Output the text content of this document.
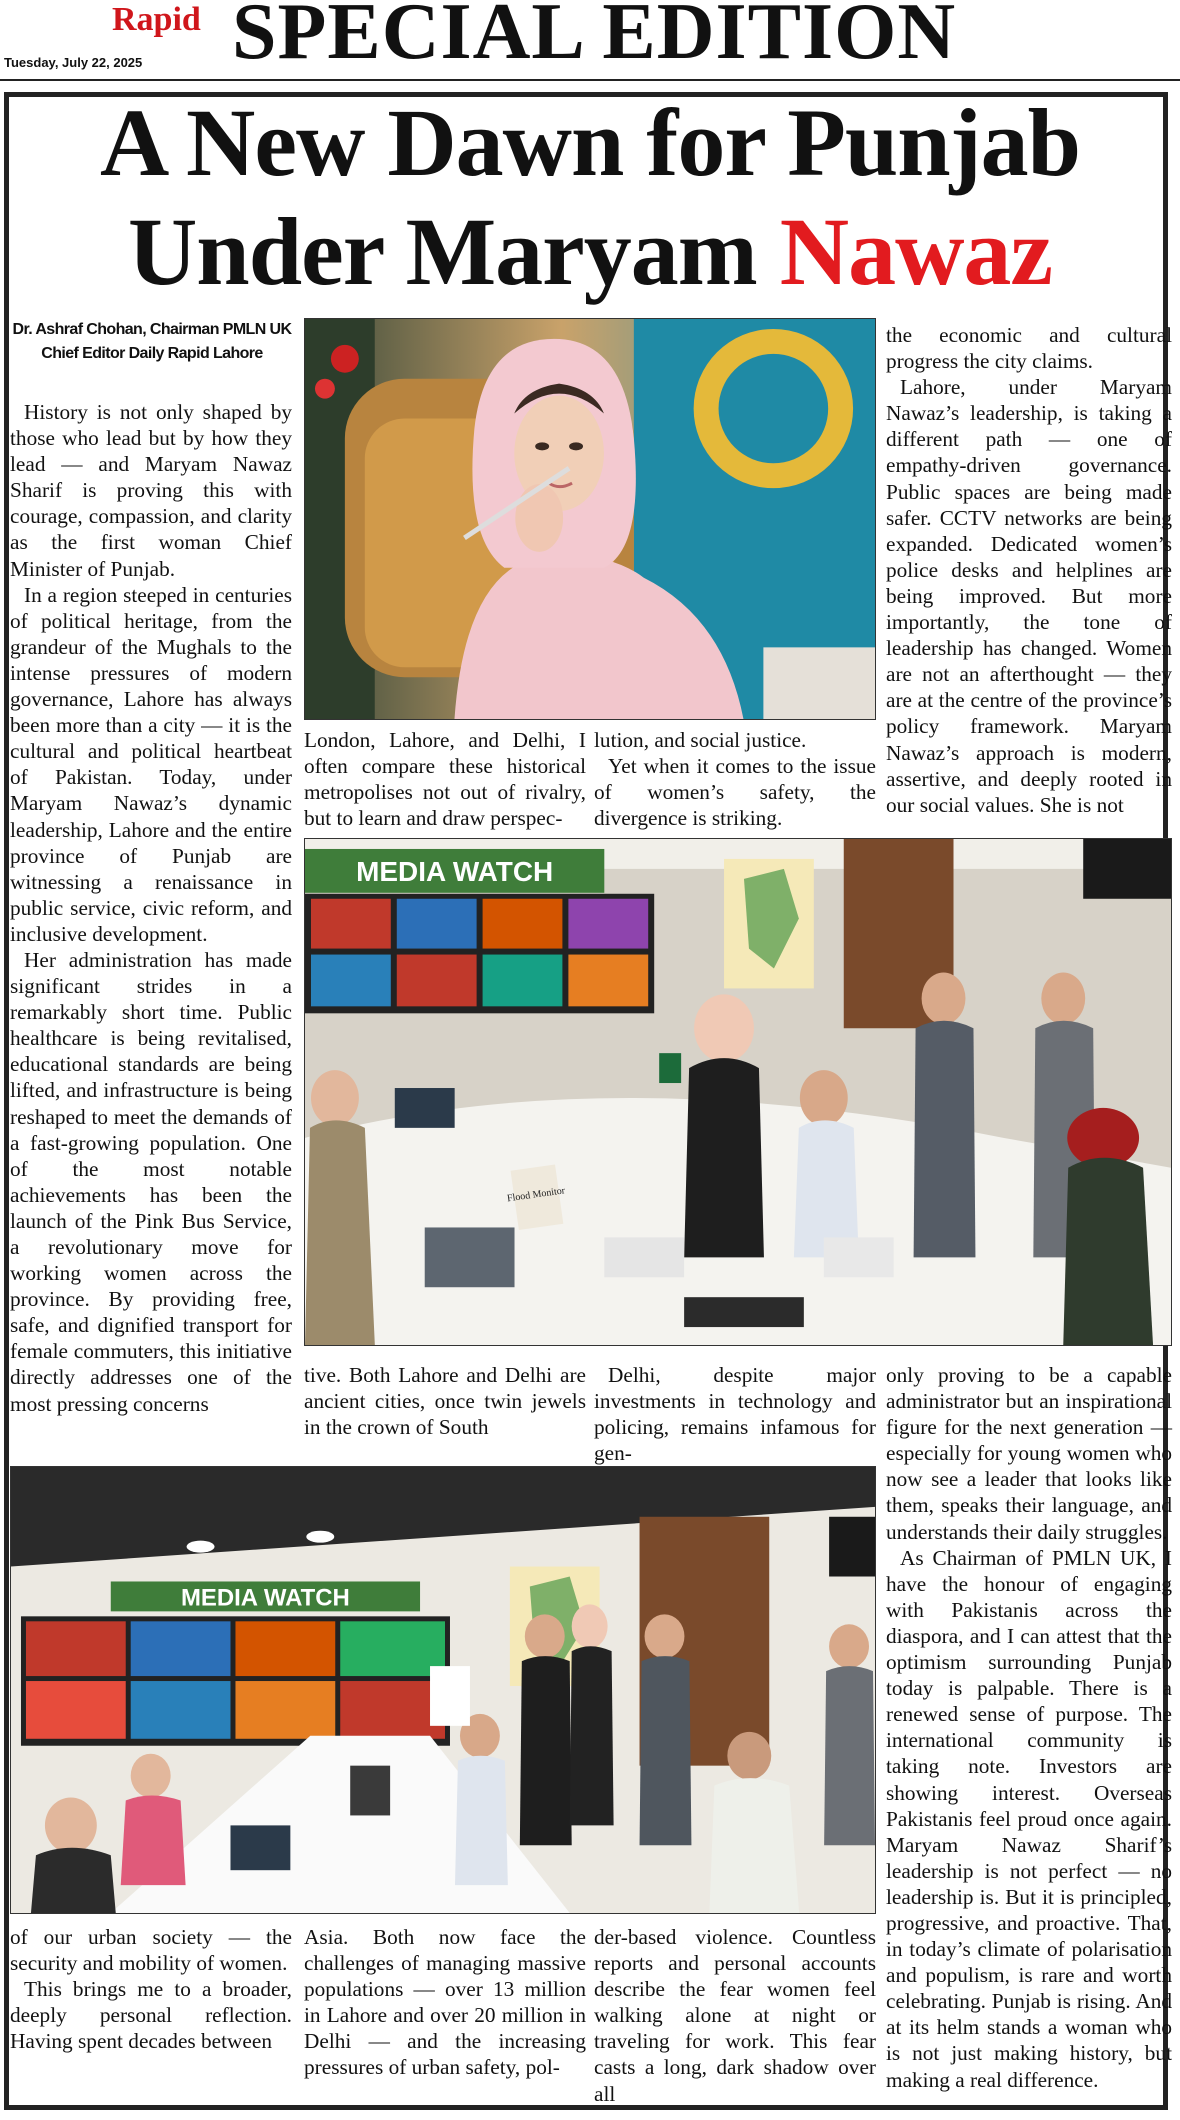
Rapid SPECIAL EDITION
Tuesday, July 22, 2025
A New Dawn for Punjab
Under Maryam Nawaz
Dr. Ashraf Chohan, Chairman PMLN UK
Chief Editor Daily Rapid Lahore

History is not only shaped by those who lead but by how they lead — and Maryam Nawaz Sharif is proving this with courage, compassion, and clarity as the first woman Chief Minister of Punjab.

In a region steeped in centuries of political heritage, from the grandeur of the Mughals to the intense pressures of modern governance, Lahore has always been more than a city — it is the cultural and political heartbeat of Pakistan. Today, under Maryam Nawaz’s dynamic leadership, Lahore and the entire province of Punjab are witnessing a renaissance in public service, civic reform, and inclusive development.

Her administration has made significant strides in a remarkably short time. Public healthcare is being revitalised, educational standards are being lifted, and infrastructure is being reshaped to meet the demands of a fast-growing population. One of the most notable achievements has been the launch of the Pink Bus Service, a revolutionary move for working women across the province. By providing free, safe, and dignified transport for female commuters, this initiative directly addresses one of the most pressing concerns

London, Lahore, and Delhi, I often compare these historical metropolises not out of rivalry, but to learn and draw perspec-

lution, and social justice.

Yet when it comes to the issue of women’s safety, the divergence is striking.

the economic and cultural progress the city claims.

Lahore, under Maryam Nawaz’s leadership, is taking a different path — one of empathy-driven governance. Public spaces are being made safer. CCTV networks are being expanded. Dedicated women’s police desks and helplines are being improved. But more importantly, the tone of leadership has changed. Women are not an afterthought — they are at the centre of the province’s policy framework. Maryam Nawaz’s approach is modern, assertive, and deeply rooted in our social values. She is not

MEDIA WATCH
Flood Monitor

tive. Both Lahore and Delhi are ancient cities, once twin jewels in the crown of South

Delhi, despite major investments in technology and policing, remains infamous for gen-

only proving to be a capable administrator but an inspirational figure for the next generation — especially for young women who now see a leader that looks like them, speaks their language, and understands their daily struggles.

As Chairman of PMLN UK, I have the honour of engaging with Pakistanis across the diaspora, and I can attest that the optimism surrounding Punjab today is palpable. There is a renewed sense of purpose. The international community is taking note. Investors are showing interest. Overseas Pakistanis feel proud once again. Maryam Nawaz Sharif’s leadership is not perfect — no leadership is. But it is principled, progressive, and proactive. That, in today’s climate of polarisation and populism, is rare and worth celebrating. Punjab is rising. And at its helm stands a woman who is not just making history, but making a real difference.

MEDIA WATCH

of our urban society — the security and mobility of women.

This brings me to a broader, deeply personal reflection. Having spent decades between

Asia. Both now face the challenges of managing massive populations — over 13 million in Lahore and over 20 million in Delhi — and the increasing pressures of urban safety, pol-

der-based violence. Countless reports and personal accounts describe the fear women feel walking alone at night or traveling for work. This fear casts a long, dark shadow over all
